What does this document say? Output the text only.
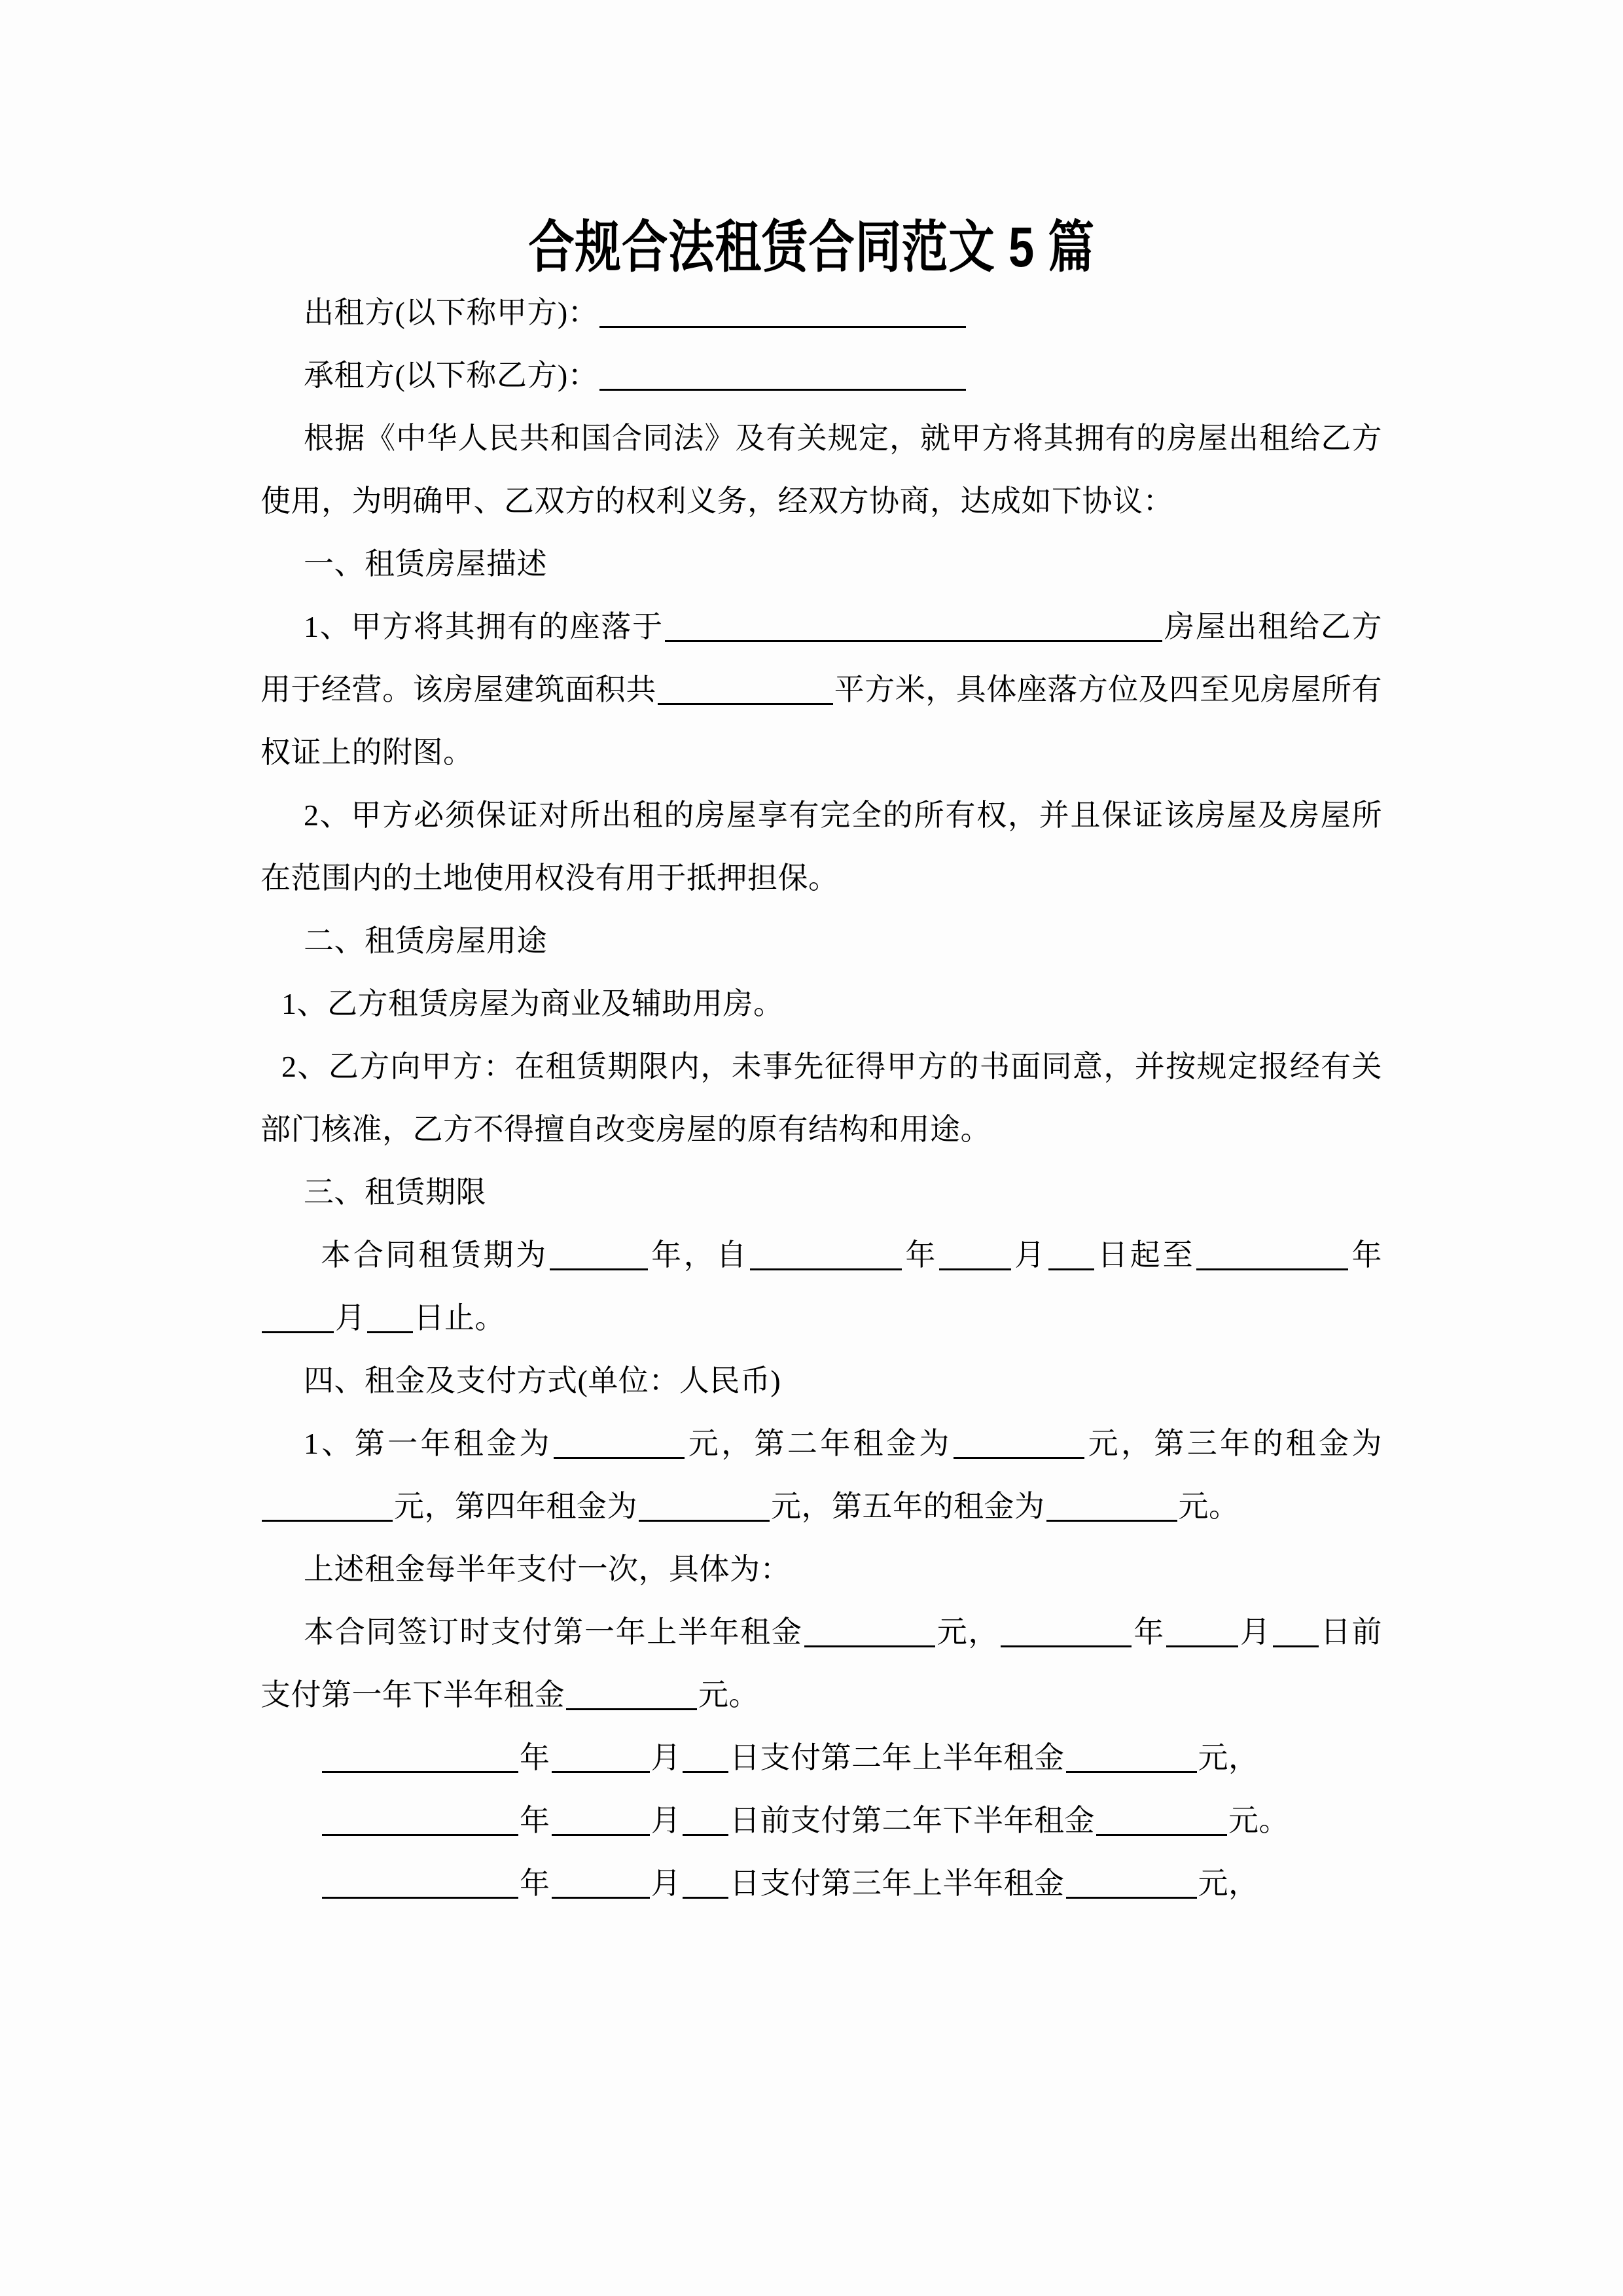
合规合法租赁合同范文 5 篇

出租方(以下称甲方)：

承租方(以下称乙方)：

根据《中华人民共和国合同法》及有关规定，就甲方将其拥有的房屋出租给乙方使用，为明确甲、乙双方的权利义务，经双方协商，达成如下协议：

一、租赁房屋描述

1、甲方将其拥有的座落于	房屋出租给乙方用于经营。该房屋建筑面积共	平方米，具体座落方位及四至见房屋所有权证上的附图。

2、甲方必须保证对所出租的房屋享有完全的所有权，并且保证该房屋及房屋所在范围内的土地使用权没有用于抵押担保。

二、租赁房屋用途

1、乙方租赁房屋为商业及辅助用房。

2、乙方向甲方：在租赁期限内，未事先征得甲方的书面同意，并按规定报经有关部门核准，乙方不得擅自改变房屋的原有结构和用途。

三、租赁期限

本合同租赁期为	年，自	年 月 日起至	年月 日止。

四、租金及支付方式(单位：人民币)

1、第一年租金为	元，第二年租金为	元，第三年的租金为元，第四年租金为	元，第五年的租金为	元。

上述租金每半年支付一次，具体为：

本合同签订时支付第一年上半年租金	元，	年 月 日前支付第一年下半年租金	元。

年	月 日支付第二年上半年租金	元，

年	月 日前支付第二年下半年租金	元。

年	月 日支付第三年上半年租金	元，
